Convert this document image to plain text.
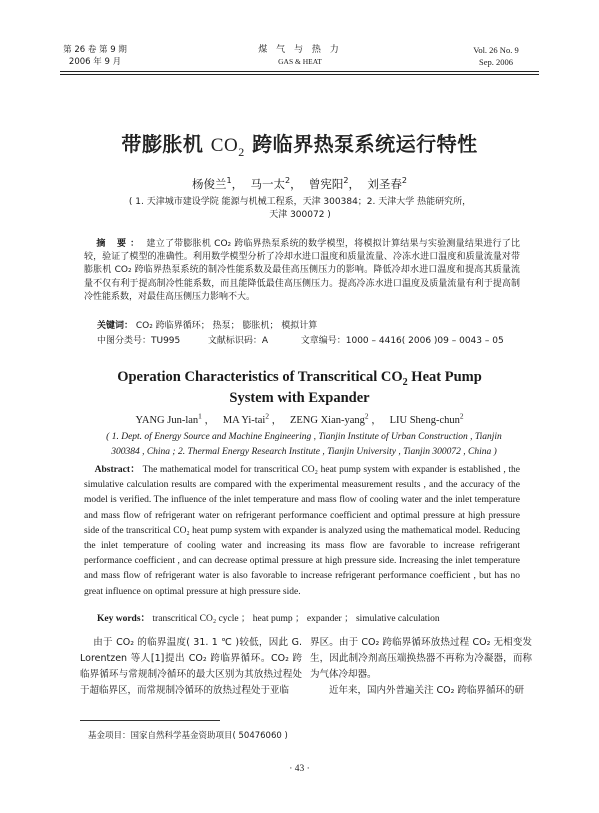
第 26 卷 第 9 期
2006 年 9 月
煤 气 与 热 力
GAS & HEAT
Vol. 26 No. 9
Sep. 2006
带膨胀机 $CO_2$ 跨临界热泵系统运行特性
杨俊兰$^1$， 马一太$^2$， 曾宪阳$^2$， 刘圣春$^2$
( 1. 天津城市建设学院 能源与机械工程系，天津 300384；2. 天津大学 热能研究所，
天津 300072 )
摘 要： 建立了带膨胀机 CO₂ 跨临界热泵系统的数学模型，将模拟计算结果与实验测量结果进行了比较，验证了模型的准确性。利用数学模型分析了冷却水进口温度和质量流量、冷冻水进口温度和质量流量对带膨胀机 CO₂ 跨临界热泵系统的制冷性能系数及最佳高压侧压力的影响。降低冷却水进口温度和提高其质量流量不仅有利于提高制冷性能系数，而且能降低最佳高压侧压力。提高冷冻水进口温度及质量流量有利于提高制冷性能系数，对最佳高压侧压力影响不大。
关键词： CO₂ 跨临界循环； 热泵； 膨胀机； 模拟计算
中图分类号：TU995	文献标识码：A	文章编号：1000 – 4416( 2006 )09 – 0043 – 05
Operation Characteristics of Transcritical $CO_2$ Heat Pump
System with Expander
YANG Jun-lan$^1$ ， MA Yi-tai$^2$ ， ZENG Xian-yang$^2$ ， LIU Sheng-chun$^2$
( 1. Dept. of Energy Source and Machine Engineering , Tianjin Institute of Urban Construction , Tianjin
300384 , China ; 2. Thermal Energy Research Institute , Tianjin University , Tianjin 300072 , China )
Abstract： The mathematical model for transcritical CO₂ heat pump system with expander is established , the simulative calculation results are compared with the experimental measurement results , and the accuracy of the model is verified. The influence of the inlet temperature and mass flow of cooling water and the inlet temperature and mass flow of refrigerant water on refrigerant performance coefficient and optimal pressure at high pressure side of the transcritical CO₂ heat pump system with expander is analyzed using the mathematical model. Reducing the inlet temperature of cooling water and increasing its mass flow are favorable to increase refrigerant performance coefficient , and can decrease optimal pressure at high pressure side. Increasing the inlet temperature and mass flow of refrigerant water is also favorable to increase refrigerant performance coefficient , but has no great influence on optimal pressure at high pressure side.
Key words： transcritical CO₂ cycle ； heat pump ； expander ； simulative calculation
由于 CO₂ 的临界温度( 31. 1 ℃ )较低，因此 G. Lorentzen 等人[1]提出 CO₂ 跨临界循环。CO₂ 跨临界循环与常规制冷循环的最大区别为其放热过程处于超临界区，而常规制冷循环的放热过程处于亚临
界区。由于 CO₂ 跨临界循环放热过程 CO₂ 无相变发生，因此制冷剂高压端换热器不再称为冷凝器，而称为气体冷却器。
近年来，国内外普遍关注 CO₂ 跨临界循环的研
基金项目：国家自然科学基金资助项目( 50476060 )
· 43 ·
